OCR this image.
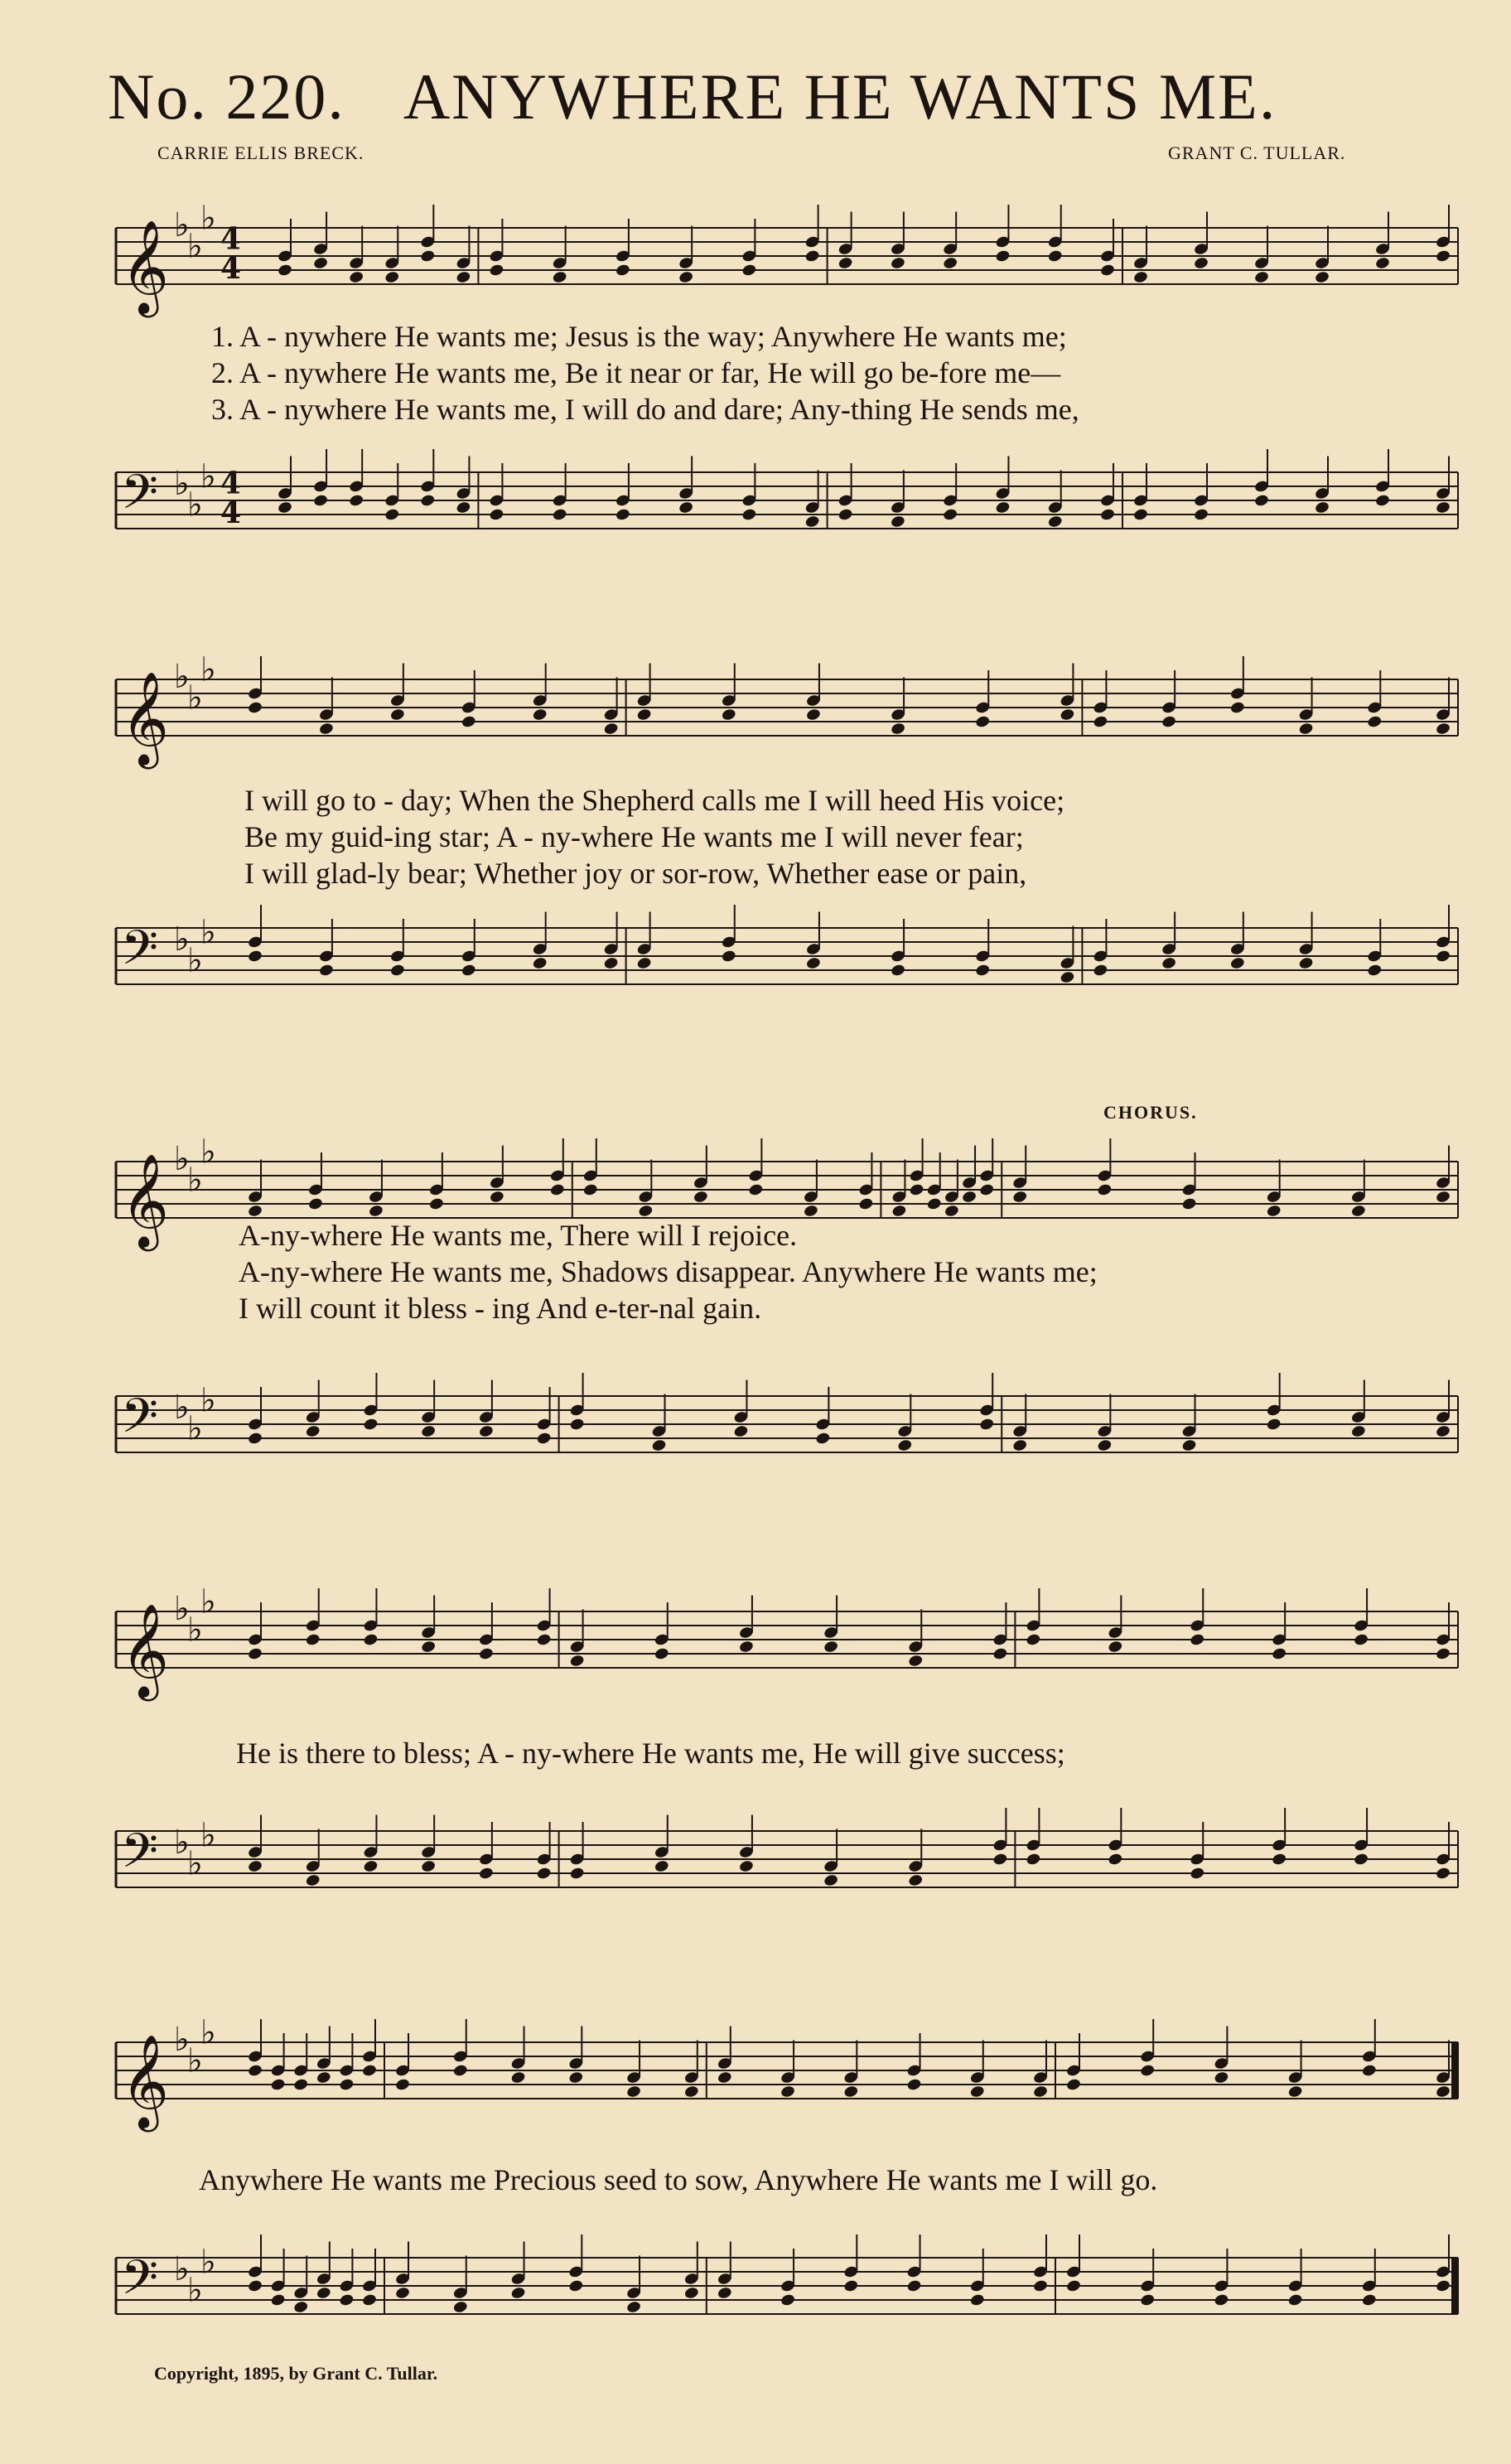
No. 220. ANYWHERE HE WANTS ME.
CARRIE ELLIS BRECK.	GRANT C. TULLAR.
𝄞 ♭
♭
♭
4
4
1. A - nywhere He wants me; Jesus is the way; Anywhere He wants me;
2. A - nywhere He wants me, Be it near or far, He will go be-fore me—
3. A - nywhere He wants me, I will do and dare; Any-thing He sends me,
𝄢 ♭
♭
♭ 4
4
𝄞 ♭
♭
♭
I will go to - day; When the Shepherd calls me I will heed His voice;
Be my guid-ing star; A - ny-where He wants me I will never fear;
I will glad-ly bear; Whether joy or sor-row, Whether ease or pain,
𝄢 ♭
♭
♭
CHORUS.
𝄞 ♭
♭
♭
A-ny-where He wants me, There will I rejoice.
A-ny-where He wants me, Shadows disappear. Anywhere He wants me;
I will count it bless - ing And e-ter-nal gain.
𝄢 ♭
♭
♭
𝄞 ♭
♭
♭
He is there to bless; A - ny-where He wants me, He will give success;
𝄢 ♭
♭
♭
𝄞 ♭
♭
♭
Anywhere He wants me Precious seed to sow, Anywhere He wants me I will go.
𝄢 ♭
♭
♭
Copyright, 1895, by Grant C. Tullar.
